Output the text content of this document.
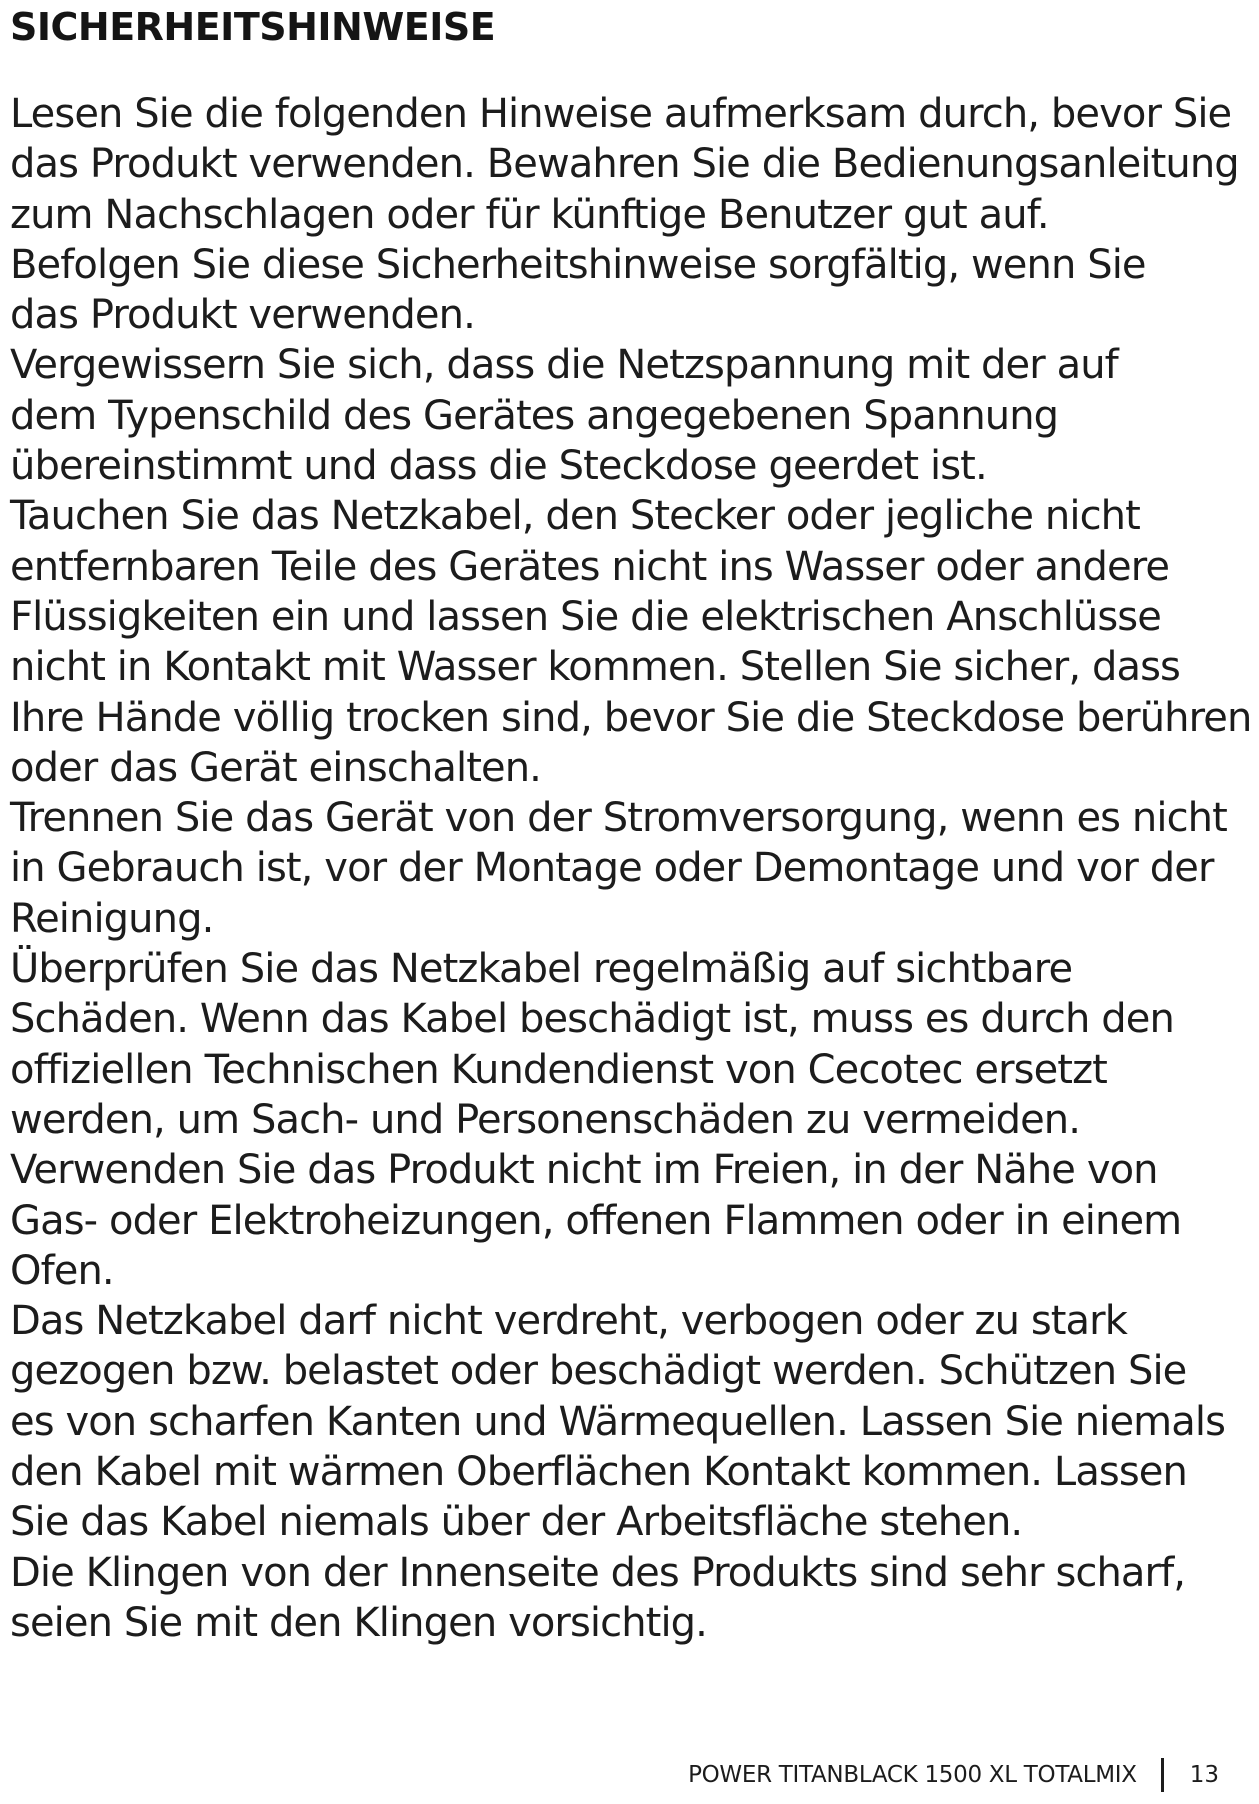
SICHERHEITSHINWEISE
Lesen Sie die folgenden Hinweise aufmerksam durch, bevor Sie
das Produkt verwenden. Bewahren Sie die Bedienungsanleitung
zum Nachschlagen oder für künftige Benutzer gut auf.
Befolgen Sie diese Sicherheitshinweise sorgfältig, wenn Sie
das Produkt verwenden.
Vergewissern Sie sich, dass die Netzspannung mit der auf
dem Typenschild des Gerätes angegebenen Spannung
übereinstimmt und dass die Steckdose geerdet ist.
Tauchen Sie das Netzkabel, den Stecker oder jegliche nicht
entfernbaren Teile des Gerätes nicht ins Wasser oder andere
Flüssigkeiten ein und lassen Sie die elektrischen Anschlüsse
nicht in Kontakt mit Wasser kommen. Stellen Sie sicher, dass
Ihre Hände völlig trocken sind, bevor Sie die Steckdose berühren
oder das Gerät einschalten.
Trennen Sie das Gerät von der Stromversorgung, wenn es nicht
in Gebrauch ist, vor der Montage oder Demontage und vor der
Reinigung.
Überprüfen Sie das Netzkabel regelmäßig auf sichtbare
Schäden. Wenn das Kabel beschädigt ist, muss es durch den
offiziellen Technischen Kundendienst von Cecotec ersetzt
werden, um Sach- und Personenschäden zu vermeiden.
Verwenden Sie das Produkt nicht im Freien, in der Nähe von
Gas- oder Elektroheizungen, offenen Flammen oder in einem
Ofen.
Das Netzkabel darf nicht verdreht, verbogen oder zu stark
gezogen bzw. belastet oder beschädigt werden. Schützen Sie
es von scharfen Kanten und Wärmequellen. Lassen Sie niemals
den Kabel mit wärmen Oberflächen Kontakt kommen. Lassen
Sie das Kabel niemals über der Arbeitsfläche stehen.
Die Klingen von der Innenseite des Produkts sind sehr scharf,
seien Sie mit den Klingen vorsichtig.
POWER TITANBLACK 1500 XL TOTALMIX 13
